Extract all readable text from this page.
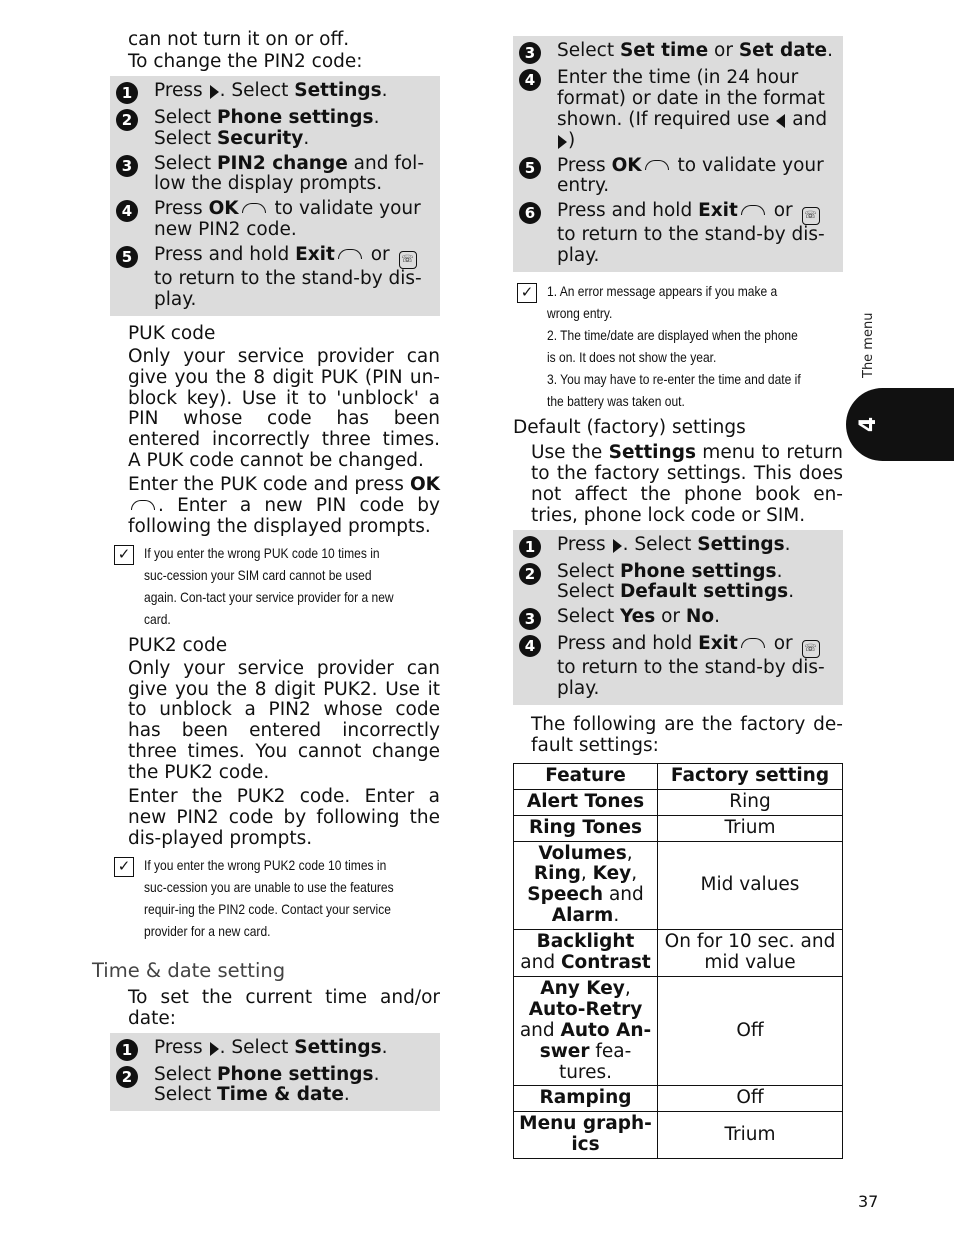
can not turn it on or off.
To change the PIN2 code:
1	Press . Select Settings.
2	Select Phone settings. Select Security.
3	Select PIN2 change and fol-low the display prompts.
4	Press OK to validate your new PIN2 code.
5	Press and hold Exit or ☏ to return to the stand-by dis-play.
PUK code
Only your service provider can give you the 8 digit PUK (PIN un-block key). Use it to 'unblock' a PIN whose code has been entered incorrectly three times. A PUK code cannot be changed.
Enter the PUK code and press OK. Enter a new PIN code by following the displayed prompts.
✓ If you enter the wrong PUK code 10 times in suc-cession your SIM card cannot be used again. Con-tact your service provider for a new card.
PUK2 code
Only your service provider can give you the 8 digit PUK2. Use it to unblock a PIN2 whose code has been entered incorrectly three times. You cannot change the PUK2 code.
Enter the PUK2 code. Enter a new PIN2 code by following the dis-played prompts.
✓ If you enter the wrong PUK2 code 10 times in suc-cession you are unable to use the features requir-ing the PIN2 code. Contact your service provider for a new card.
Time & date setting
To set the current time and/or date:
1	Press . Select Settings.
2	Select Phone settings. Select Time & date.
3	Select Set time or Set date.
4	Enter the time (in 24 hour format) or date in the format shown. (If required use  and )
5	Press OK to validate your entry.
6	Press and hold Exit or ☏ to return to the stand-by dis-play.
✓ 1. An error message appears if you make a wrong entry.
2. The time/date are displayed when the phone is on. It does not show the year.
3. You may have to re-enter the time and date if the battery was taken out.
Default (factory) settings
Use the Settings menu to return to the factory settings. This does not affect the phone book en-tries, phone lock code or SIM.
1	Press . Select Settings.
2	Select Phone settings. Select Default settings.
3	Select Yes or No.
4	Press and hold Exit or ☏ to return to the stand-by dis-play.
The following are the factory de-fault settings:
Feature	Factory setting
Alert Tones	Ring
Ring Tones	Trium
Volumes, Ring, Key, Speech and Alarm.	Mid values
Backlight and Contrast	On for 10 sec. and mid value
Any Key, Auto-Retry and Auto An-swer fea-tures.	Off
Ramping	Off
Menu graph-ics	Trium
The menu
4
37
